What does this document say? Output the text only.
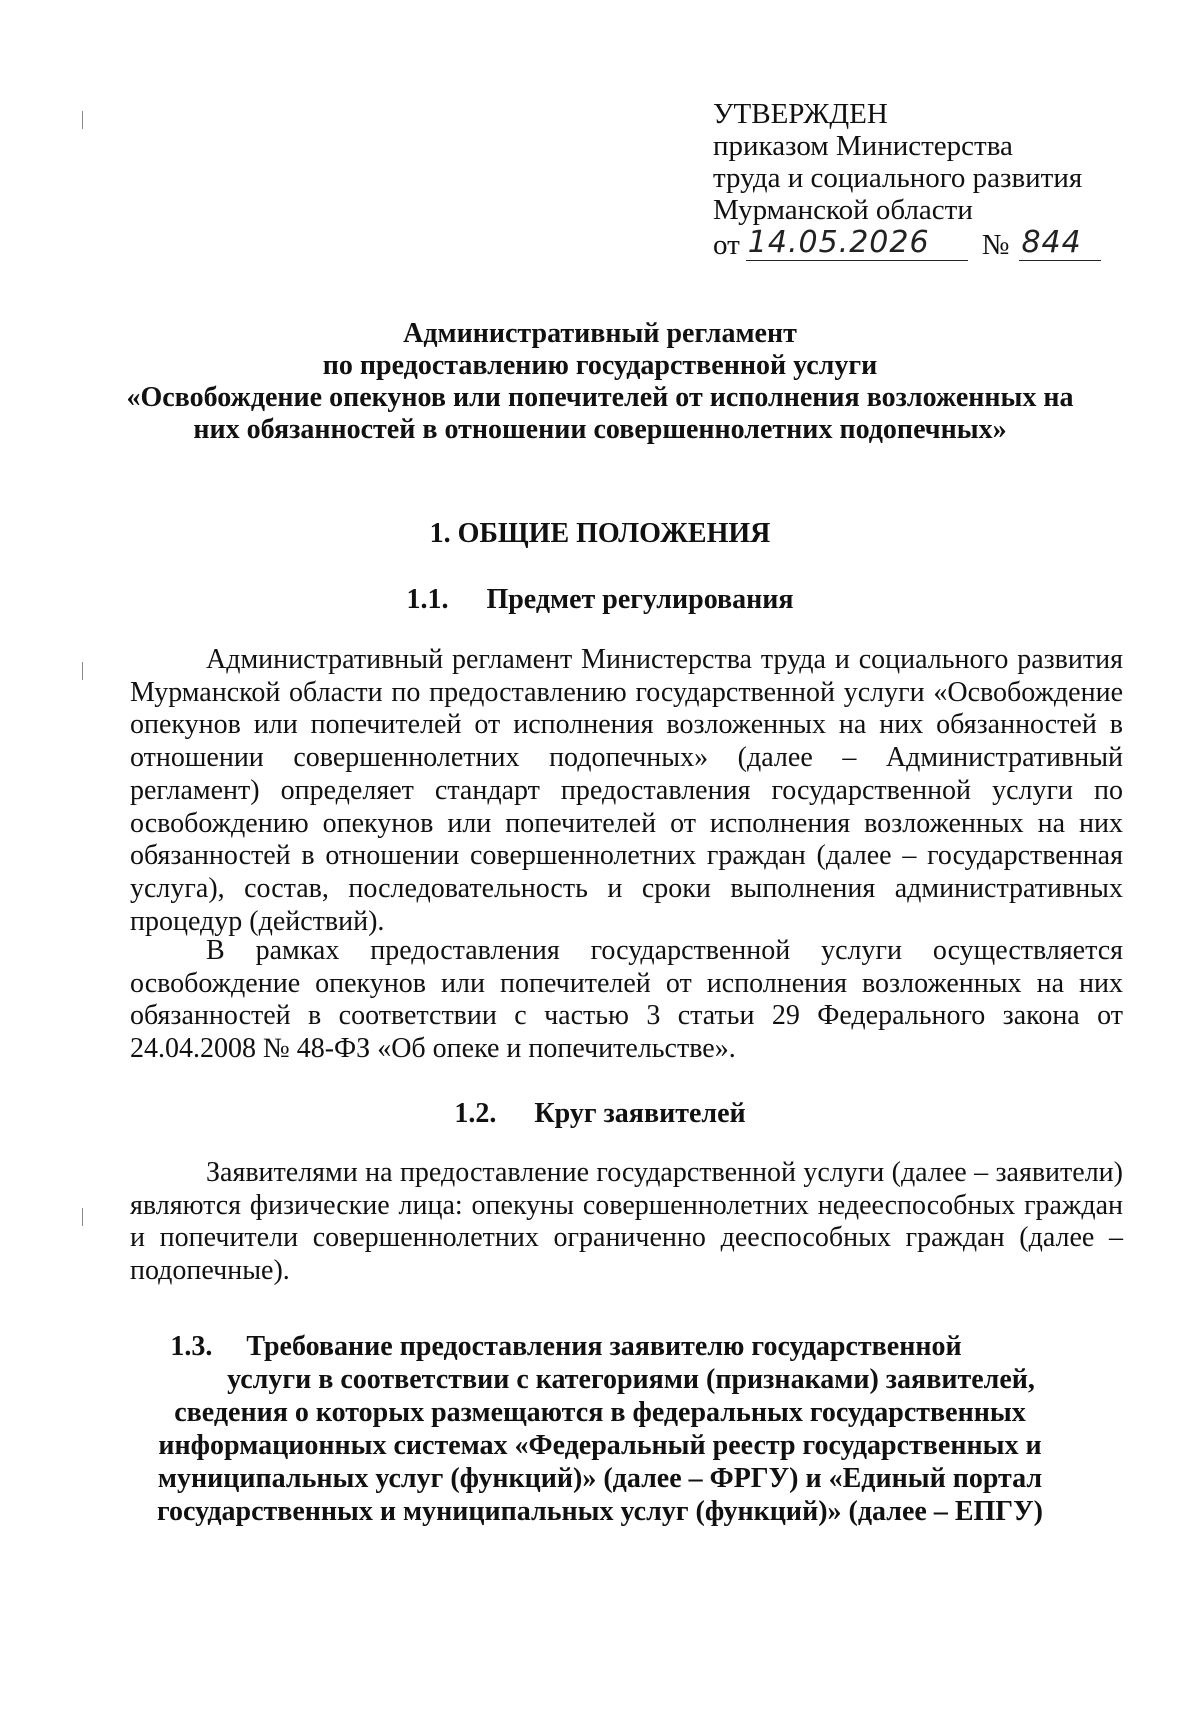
УТВЕРЖДЕН
приказом Министерства
труда и социального развития
Мурманской области
от 14.05.2026	№ 844
Административный регламент
по предоставлению государственной услуги
«Освобождение опекунов или попечителей от исполнения возложенных на
них обязанностей в отношении совершеннолетних подопечных»
1. ОБЩИЕ ПОЛОЖЕНИЯ
1.1. Предмет регулирования

Административный регламент Министерства труда и социального развития Мурманской области по предоставлению государственной услуги «Освобождение опекунов или попечителей от исполнения возложенных на них обязанностей в отношении совершеннолетних подопечных» (далее – Административный регламент) определяет стандарт предоставления государственной услуги по освобождению опекунов или попечителей от исполнения возложенных на них обязанностей в отношении совершеннолетних граждан (далее – государственная услуга), состав, последовательность и сроки выполнения административных процедур (действий).

В рамках предоставления государственной услуги осуществляется освобождение опекунов или попечителей от исполнения возложенных на них обязанностей в соответствии с частью 3 статьи 29 Федерального закона от 24.04.2008 № 48-ФЗ «Об опеке и попечительстве».

1.2. Круг заявителей

Заявителями на предоставление государственной услуги (далее – заявители) являются физические лица: опекуны совершеннолетних недееспособных граждан и попечители совершеннолетних ограниченно дееспособных граждан (далее – подопечные).

1.3. Требование предоставления заявителю государственной
услуги в соответствии с категориями (признаками) заявителей,
сведения о которых размещаются в федеральных государственных
информационных системах «Федеральный реестр государственных и
муниципальных услуг (функций)» (далее – ФРГУ) и «Единый портал
государственных и муниципальных услуг (функций)» (далее – ЕПГУ)
